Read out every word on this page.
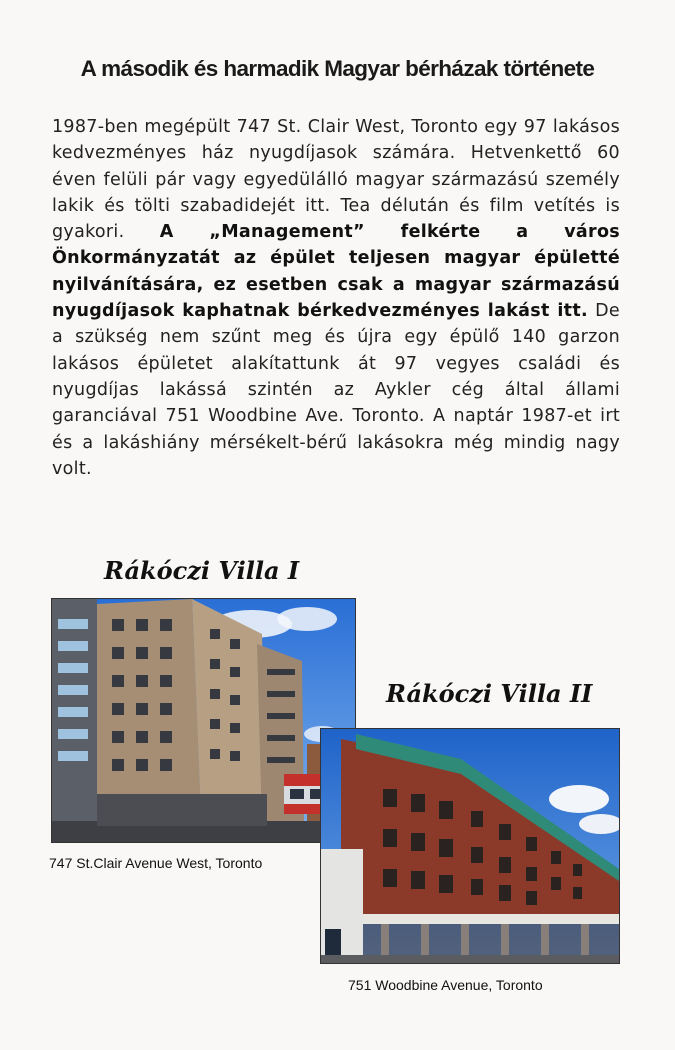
A második és harmadik Magyar bérházak története

1987-ben megépült 747 St. Clair West, Toronto egy 97 lakásos kedvezményes ház nyugdíjasok számára. Hetvenkettő 60 éven felüli pár vagy egyedülálló magyar származású személy lakik és tölti szabadidejét itt. Tea délután és film vetítés is gyakori. A „Management” felkérte a város Önkormányzatát az épület teljesen magyar épületté nyilvánítására, ez esetben csak a magyar származású nyugdíjasok kaphatnak bérkedvezményes lakást itt. De a szükség nem szűnt meg és újra egy épülő 140 garzon lakásos épületet alakítattunk át 97 vegyes családi és nyugdíjas lakássá szintén az Aykler cég által állami garanciával 751 Woodbine Ave. Toronto. A naptár 1987-et irt és a lakáshiány mérsékelt-bérű lakásokra még mindig nagy volt.

Rákóczi Villa I
747 St.Clair Avenue West, Toronto
Rákóczi Villa II
751 Woodbine Avenue, Toronto
